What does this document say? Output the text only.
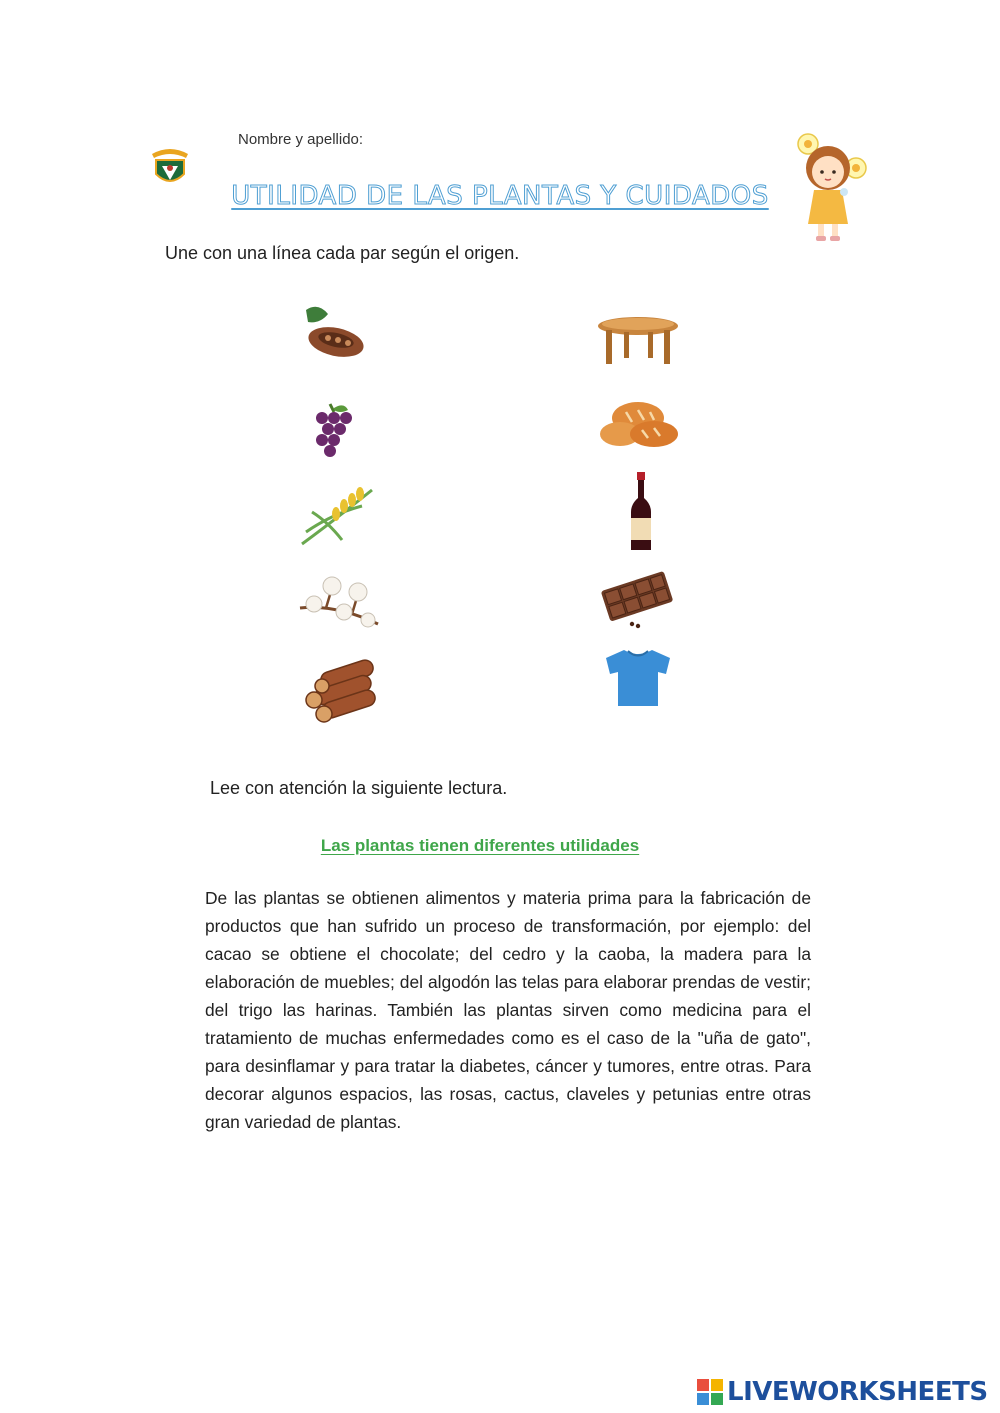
Nombre y apellido:
UTILIDAD DE LAS PLANTAS Y CUIDADOS
Une con una línea cada par según el origen.
Lee con atención la siguiente lectura.
Las plantas tienen diferentes utilidades
De las plantas se obtienen alimentos y materia prima para la fabricación de productos que han sufrido un proceso de transformación, por ejemplo: del cacao se obtiene el chocolate; del cedro y la caoba, la madera para la elaboración de muebles; del algodón las telas para elaborar prendas de vestir; del trigo las harinas. También las plantas sirven como medicina para el tratamiento de muchas enfermedades como es el caso de la "uña de gato", para desinflamar y para tratar la diabetes, cáncer y tumores, entre otras. Para decorar algunos espacios, las rosas, cactus, claveles y petunias entre otras gran variedad de plantas.
LIVEWORKSHEETS
